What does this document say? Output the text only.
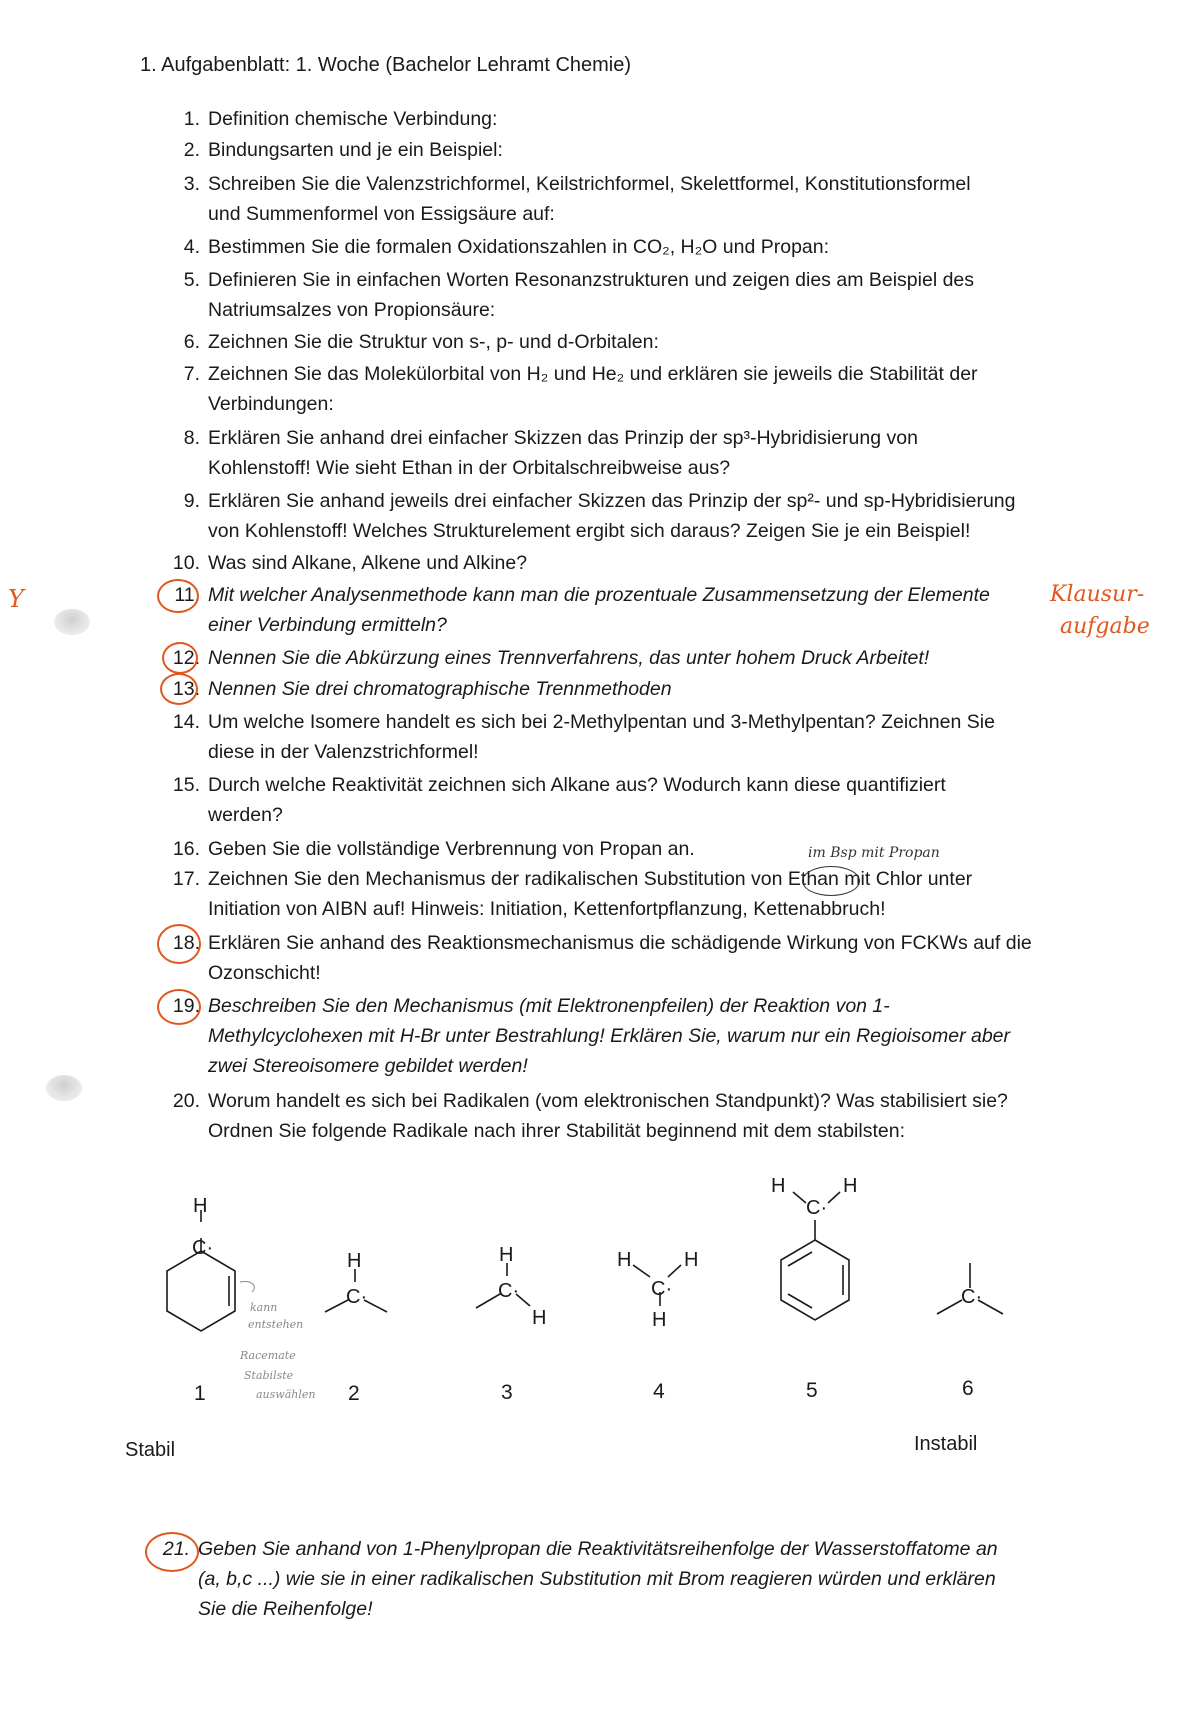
1. Aufgabenblatt: 1. Woche (Bachelor Lehramt Chemie)
1. Definition chemische Verbindung:
2. Bindungsarten und je ein Beispiel:
3. Schreiben Sie die Valenzstrichformel, Keilstrichformel, Skelettformel, Konstitutionsformel
und Summenformel von Essigsäure auf:
4. Bestimmen Sie die formalen Oxidationszahlen in CO₂, H₂O und Propan:
5. Definieren Sie in einfachen Worten Resonanzstrukturen und zeigen dies am Beispiel des
Natriumsalzes von Propionsäure:
6. Zeichnen Sie die Struktur von s-, p- und d-Orbitalen:
7. Zeichnen Sie das Molekülorbital von H₂ und He₂ und erklären sie jeweils die Stabilität der
Verbindungen:
8. Erklären Sie anhand drei einfacher Skizzen das Prinzip der sp³-Hybridisierung von
Kohlenstoff! Wie sieht Ethan in der Orbitalschreibweise aus?
9. Erklären Sie anhand jeweils drei einfacher Skizzen das Prinzip der sp²- und sp-Hybridisierung
von Kohlenstoff! Welches Strukturelement ergibt sich daraus? Zeigen Sie je ein Beispiel!
10. Was sind Alkane, Alkene und Alkine?
11. Mit welcher Analysenmethode kann man die prozentuale Zusammensetzung der Elemente
einer Verbindung ermitteln?
12. Nennen Sie die Abkürzung eines Trennverfahrens, das unter hohem Druck Arbeitet!
13. Nennen Sie drei chromatographische Trennmethoden
14. Um welche Isomere handelt es sich bei 2-Methylpentan und 3-Methylpentan? Zeichnen Sie
diese in der Valenzstrichformel!
15. Durch welche Reaktivität zeichnen sich Alkane aus? Wodurch kann diese quantifiziert
werden?
16. Geben Sie die vollständige Verbrennung von Propan an.
17. Zeichnen Sie den Mechanismus der radikalischen Substitution von Ethan mit Chlor unter
Initiation von AIBN auf! Hinweis: Initiation, Kettenfortpflanzung, Kettenabbruch!
18. Erklären Sie anhand des Reaktionsmechanismus die schädigende Wirkung von FCKWs auf die
Ozonschicht!
19. Beschreiben Sie den Mechanismus (mit Elektronenpfeilen) der Reaktion von 1-
Methylcyclohexen mit H-Br unter Bestrahlung! Erklären Sie, warum nur ein Regioisomer aber
zwei Stereoisomere gebildet werden!
20. Worum handelt es sich bei Radikalen (vom elektronischen Standpunkt)? Was stabilisiert sie?
Ordnen Sie folgende Radikale nach ihrer Stabilität beginnend mit dem stabilsten:
21. Geben Sie anhand von 1-Phenylpropan die Reaktivitätsreihenfolge der Wasserstoffatome an
(a, b,c ...) wie sie in einer radikalischen Substitution mit Brom reagieren würden und erklären
Sie die Reihenfolge!
Y	Klausur-
aufgabe
im Bsp mit Propan
kann
entstehen
Racemate
Stabilste
auswählen
H
C·
H
C·
H
C·
H
H	H
C·
H
H	H
C·
C·
1	2	3	4	5	6
Stabil	Instabil
